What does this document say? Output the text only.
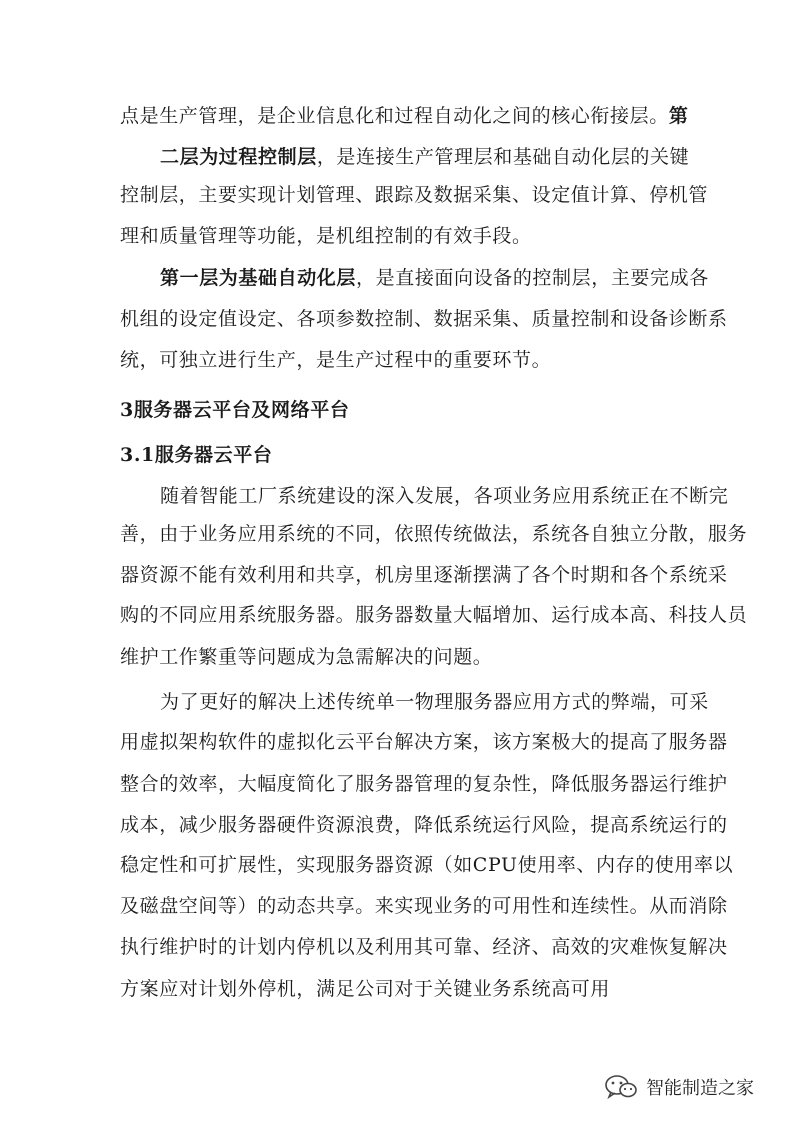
点是生产管理，是企业信息化和过程自动化之间的核心衔接层。第
二层为过程控制层，是连接生产管理层和基础自动化层的关键
控制层，主要实现计划管理、跟踪及数据采集、设定值计算、停机管
理和质量管理等功能，是机组控制的有效手段。
第一层为基础自动化层，是直接面向设备的控制层，主要完成各
机组的设定值设定、各项参数控制、数据采集、质量控制和设备诊断系
统，可独立进行生产，是生产过程中的重要环节。
3服务器云平台及网络平台
3.1服务器云平台
随着智能工厂系统建设的深入发展，各项业务应用系统正在不断完
善，由于业务应用系统的不同，依照传统做法，系统各自独立分散，服务
器资源不能有效利用和共享，机房里逐渐摆满了各个时期和各个系统采
购的不同应用系统服务器。服务器数量大幅增加、运行成本高、科技人员
维护工作繁重等问题成为急需解决的问题。
为了更好的解决上述传统单一物理服务器应用方式的弊端，可采
用虚拟架构软件的虚拟化云平台解决方案，该方案极大的提高了服务器
整合的效率，大幅度简化了服务器管理的复杂性，降低服务器运行维护
成本，减少服务器硬件资源浪费，降低系统运行风险，提高系统运行的
稳定性和可扩展性，实现服务器资源（如CPU使用率、内存的使用率以
及磁盘空间等）的动态共享。来实现业务的可用性和连续性。从而消除
执行维护时的计划内停机以及利用其可靠、经济、高效的灾难恢复解决
方案应对计划外停机，满足公司对于关键业务系统高可用
智能制造之家
